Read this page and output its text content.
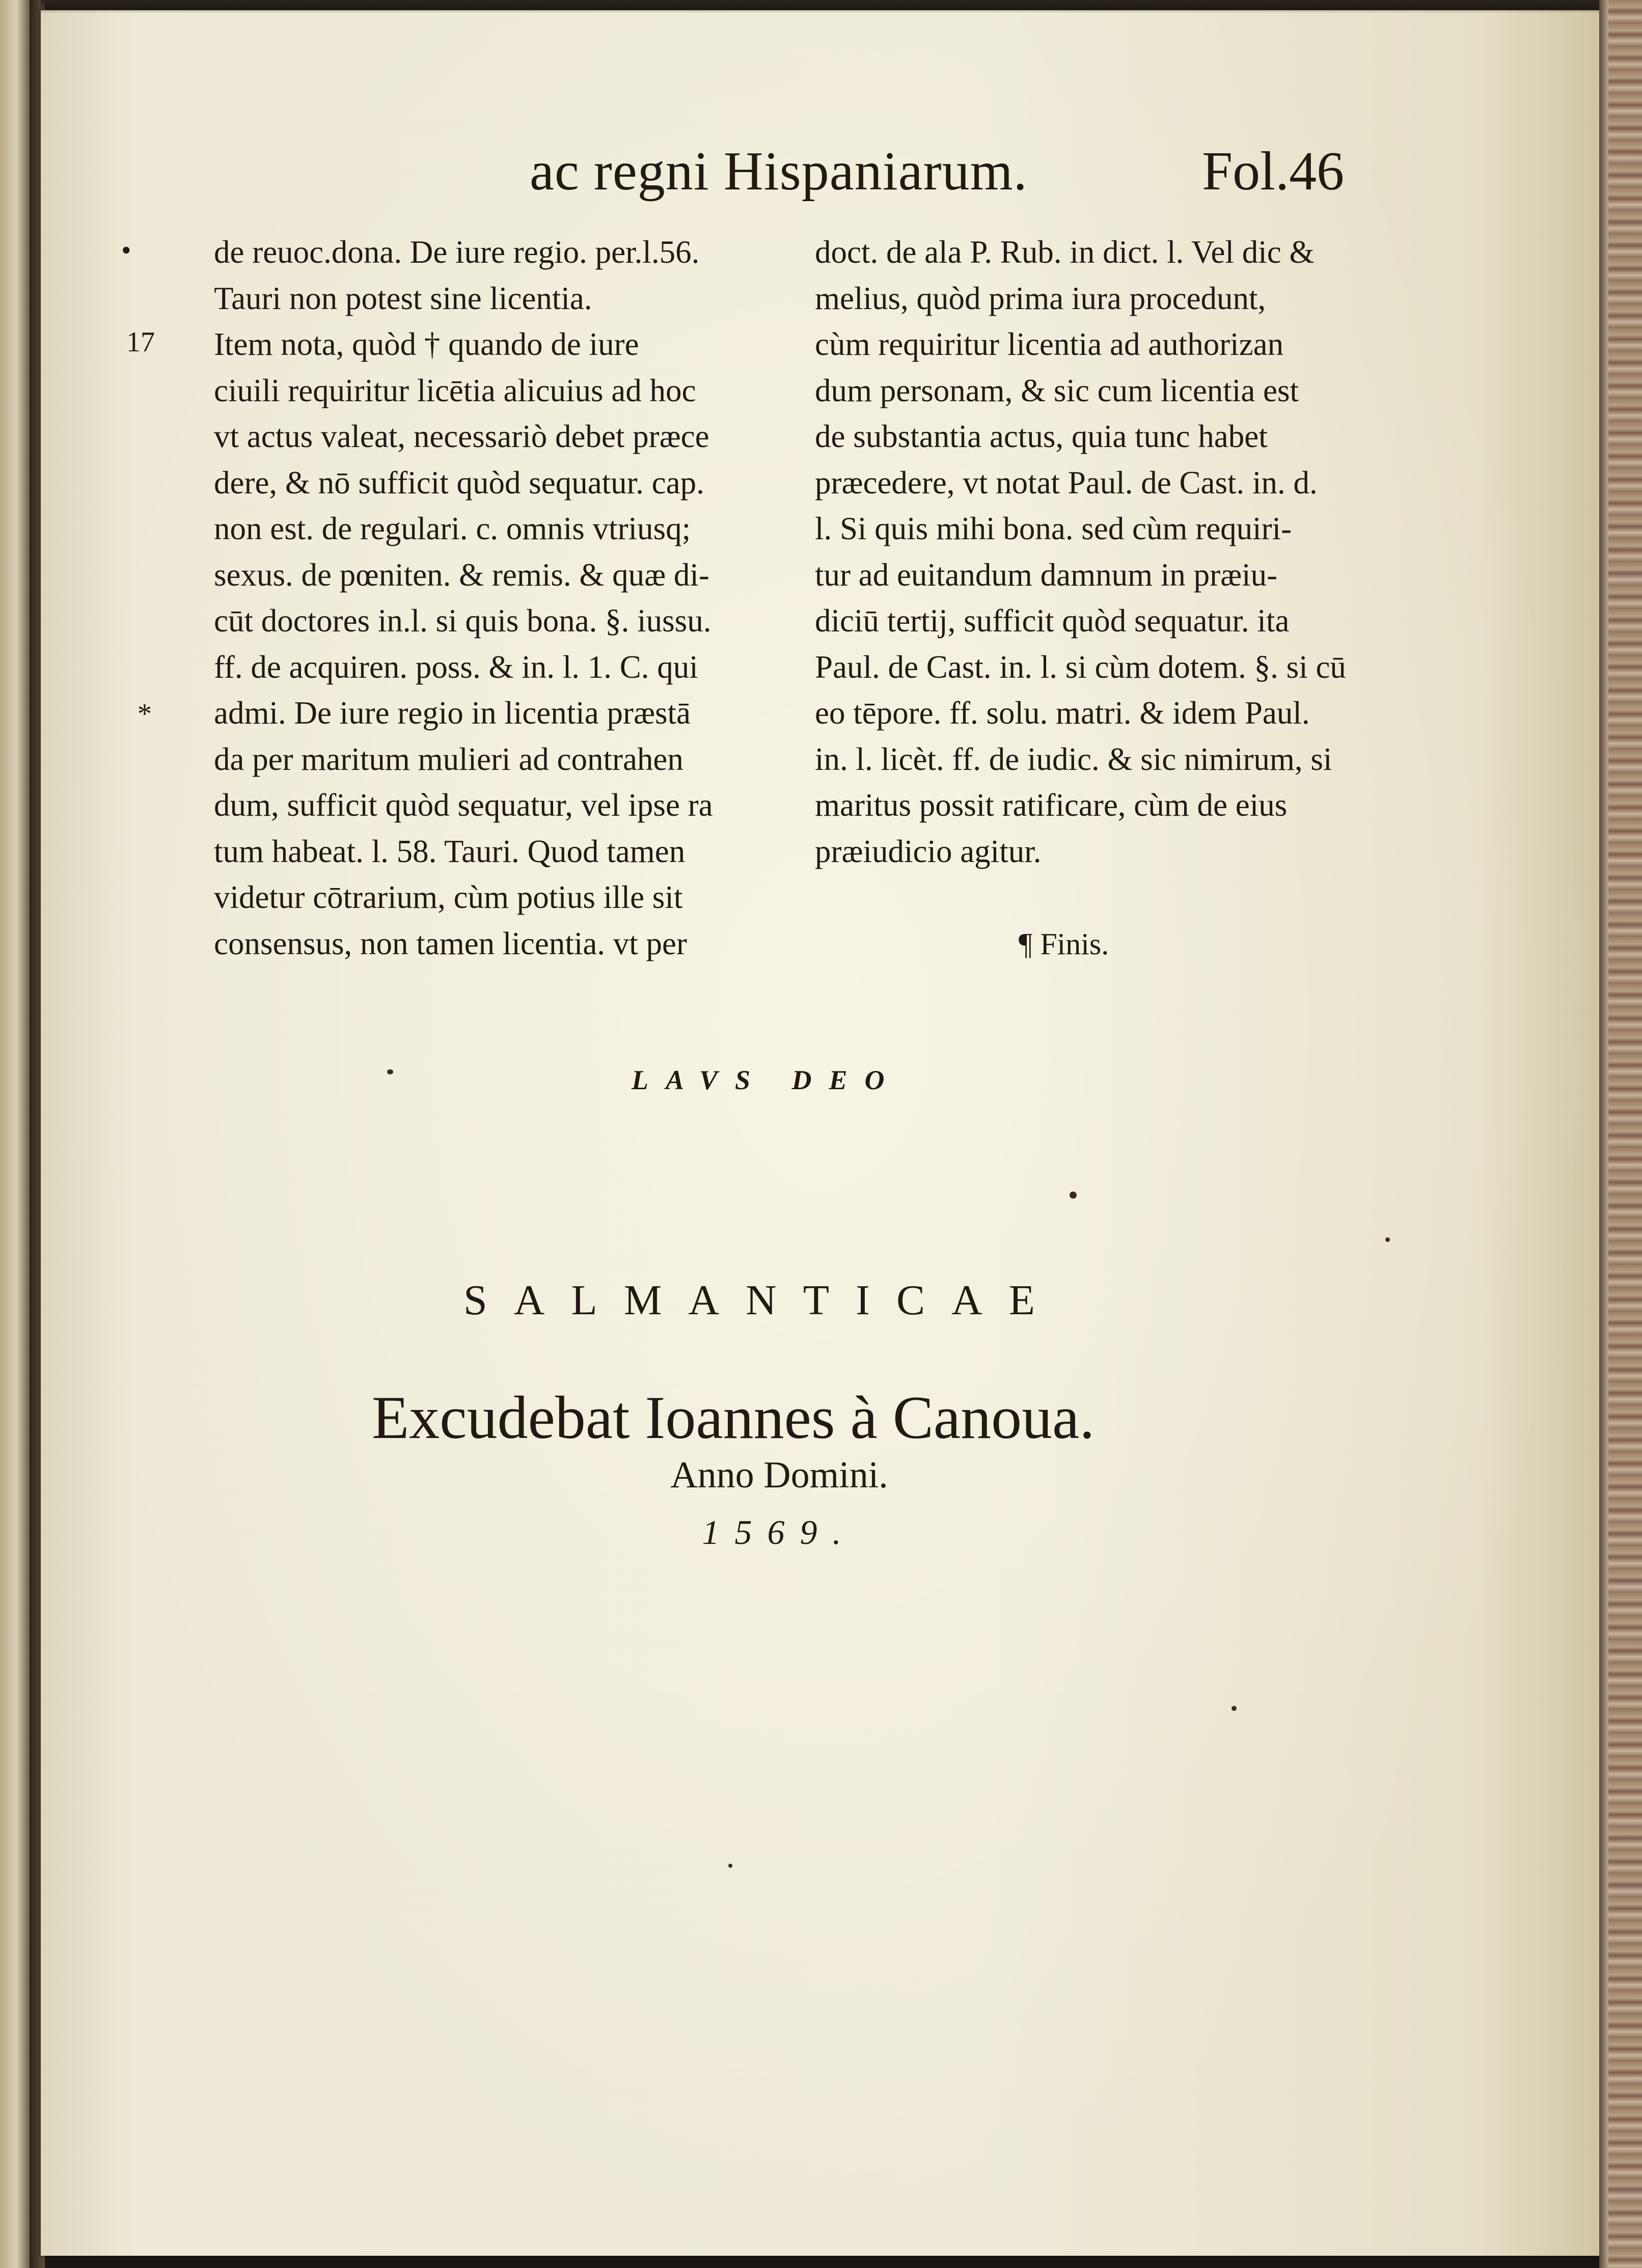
ac regni Hispaniarum.	Fol.46
•
17
*
de reuoc.dona. De iure regio. per.l.56.
Tauri non potest sine licentia.
Item nota, quòd † quando de iure
ciuili requiritur licētia alicuius ad hoc
vt actus valeat, necessariò debet præce
dere, & nō sufficit quòd sequatur. cap.
non est. de regulari. c. omnis vtriusq;
sexus. de pœniten. & remis. & quæ di-
cūt doctores in.l. si quis bona. §. iussu.
ff. de acquiren. poss. & in. l. 1. C. qui
admi. De iure regio in licentia præstā
da per maritum mulieri ad contrahen
dum, sufficit quòd sequatur, vel ipse ra
tum habeat. l. 58. Tauri. Quod tamen
videtur cōtrarium, cùm potius ille sit
consensus, non tamen licentia. vt per
doct. de ala P. Rub. in dict. l. Vel dic &
melius, quòd prima iura procedunt,
cùm requiritur licentia ad authorizan
dum personam, & sic cum licentia est
de substantia actus, quia tunc habet
præcedere, vt notat Paul. de Cast. in. d.
l. Si quis mihi bona. sed cùm requiri-
tur ad euitandum damnum in præiu-
diciū tertij, sufficit quòd sequatur. ita
Paul. de Cast. in. l. si cùm dotem. §. si cū
eo tēpore. ff. solu. matri. & idem Paul.
in. l. licèt. ff. de iudic. & sic nimirum, si
maritus possit ratificare, cùm de eius
præiudicio agitur.
¶ Finis.
LAVS DEO
SALMANTICAE
Excudebat Ioannes à Canoua.
Anno Domini.
1569.
